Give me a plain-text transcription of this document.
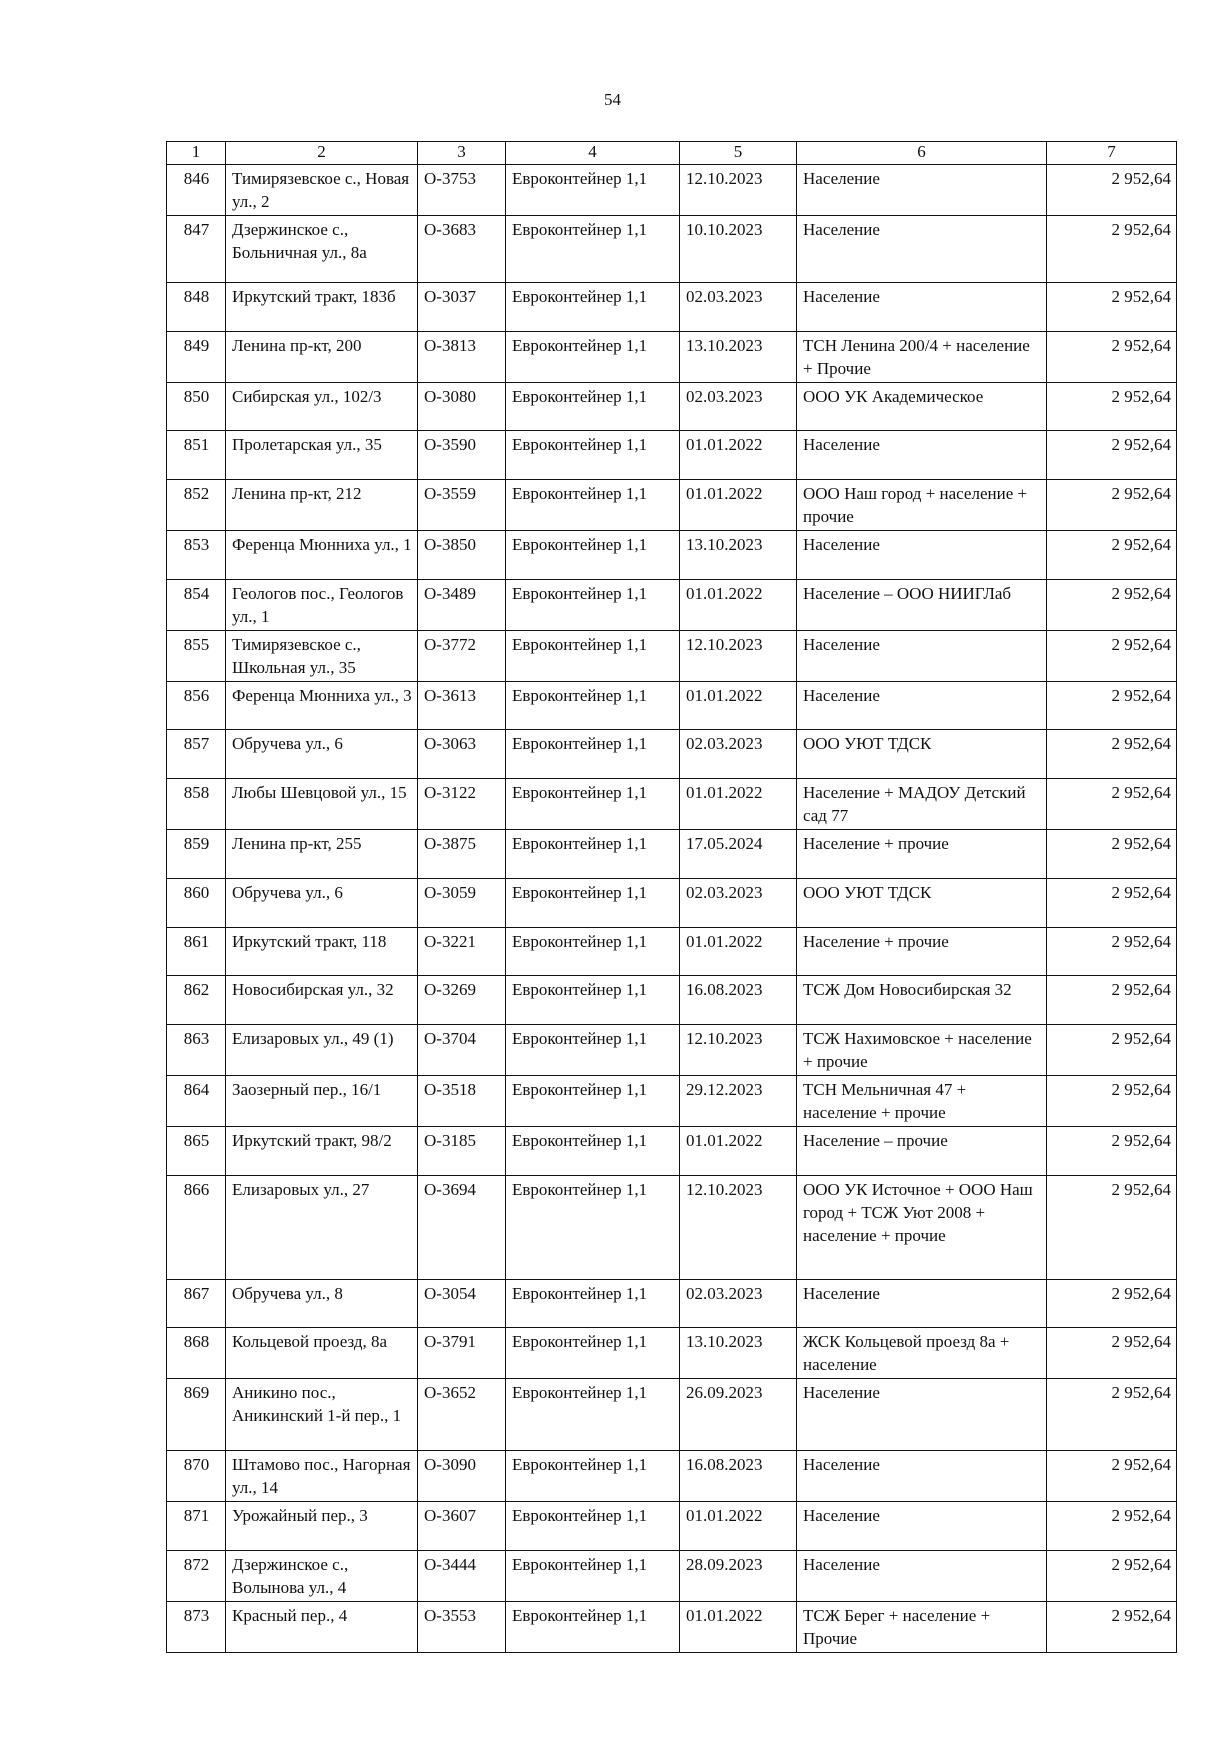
54
1	2	3	4	5	6	7
846	Тимирязевское с., Новая ул., 2	О-3753	Евроконтейнер 1,1	12.10.2023	Население	2 952,64
847	Дзержинское с., Больничная ул., 8а	О-3683	Евроконтейнер 1,1	10.10.2023	Население	2 952,64
848	Иркутский тракт, 183б	О-3037	Евроконтейнер 1,1	02.03.2023	Население	2 952,64
849	Ленина пр-кт, 200	О-3813	Евроконтейнер 1,1	13.10.2023	ТСН Ленина 200/4 + население + Прочие	2 952,64
850	Сибирская ул., 102/3	О-3080	Евроконтейнер 1,1	02.03.2023	ООО УК Академическое	2 952,64
851	Пролетарская ул., 35	О-3590	Евроконтейнер 1,1	01.01.2022	Население	2 952,64
852	Ленина пр-кт, 212	О-3559	Евроконтейнер 1,1	01.01.2022	ООО Наш город + население + прочие	2 952,64
853	Ференца Мюнниха ул., 1	О-3850	Евроконтейнер 1,1	13.10.2023	Население	2 952,64
854	Геологов пос., Геологов ул., 1	О-3489	Евроконтейнер 1,1	01.01.2022	Население – ООО НИИГЛаб	2 952,64
855	Тимирязевское с., Школьная ул., 35	О-3772	Евроконтейнер 1,1	12.10.2023	Население	2 952,64
856	Ференца Мюнниха ул., 3	О-3613	Евроконтейнер 1,1	01.01.2022	Население	2 952,64
857	Обручева ул., 6	О-3063	Евроконтейнер 1,1	02.03.2023	ООО УЮТ ТДСК	2 952,64
858	Любы Шевцовой ул., 15	О-3122	Евроконтейнер 1,1	01.01.2022	Население + МАДОУ Детский сад 77	2 952,64
859	Ленина пр-кт, 255	О-3875	Евроконтейнер 1,1	17.05.2024	Население + прочие	2 952,64
860	Обручева ул., 6	О-3059	Евроконтейнер 1,1	02.03.2023	ООО УЮТ ТДСК	2 952,64
861	Иркутский тракт, 118	О-3221	Евроконтейнер 1,1	01.01.2022	Население + прочие	2 952,64
862	Новосибирская ул., 32	О-3269	Евроконтейнер 1,1	16.08.2023	ТСЖ Дом Новосибирская 32	2 952,64
863	Елизаровых ул., 49 (1)	О-3704	Евроконтейнер 1,1	12.10.2023	ТСЖ Нахимовское + население + прочие	2 952,64
864	Заозерный пер., 16/1	О-3518	Евроконтейнер 1,1	29.12.2023	ТСН Мельничная 47 + население + прочие	2 952,64
865	Иркутский тракт, 98/2	О-3185	Евроконтейнер 1,1	01.01.2022	Население – прочие	2 952,64
866	Елизаровых ул., 27	О-3694	Евроконтейнер 1,1	12.10.2023	ООО УК Источное + ООО Наш город + ТСЖ Уют 2008 + население + прочие	2 952,64
867	Обручева ул., 8	О-3054	Евроконтейнер 1,1	02.03.2023	Население	2 952,64
868	Кольцевой проезд, 8а	О-3791	Евроконтейнер 1,1	13.10.2023	ЖСК Кольцевой проезд 8а + население	2 952,64
869	Аникино пос., Аникинский 1-й пер., 1	О-3652	Евроконтейнер 1,1	26.09.2023	Население	2 952,64
870	Штамово пос., Нагорная ул., 14	О-3090	Евроконтейнер 1,1	16.08.2023	Население	2 952,64
871	Урожайный пер., 3	О-3607	Евроконтейнер 1,1	01.01.2022	Население	2 952,64
872	Дзержинское с., Волынова ул., 4	О-3444	Евроконтейнер 1,1	28.09.2023	Население	2 952,64
873	Красный пер., 4	О-3553	Евроконтейнер 1,1	01.01.2022	ТСЖ Берег + население + Прочие	2 952,64
